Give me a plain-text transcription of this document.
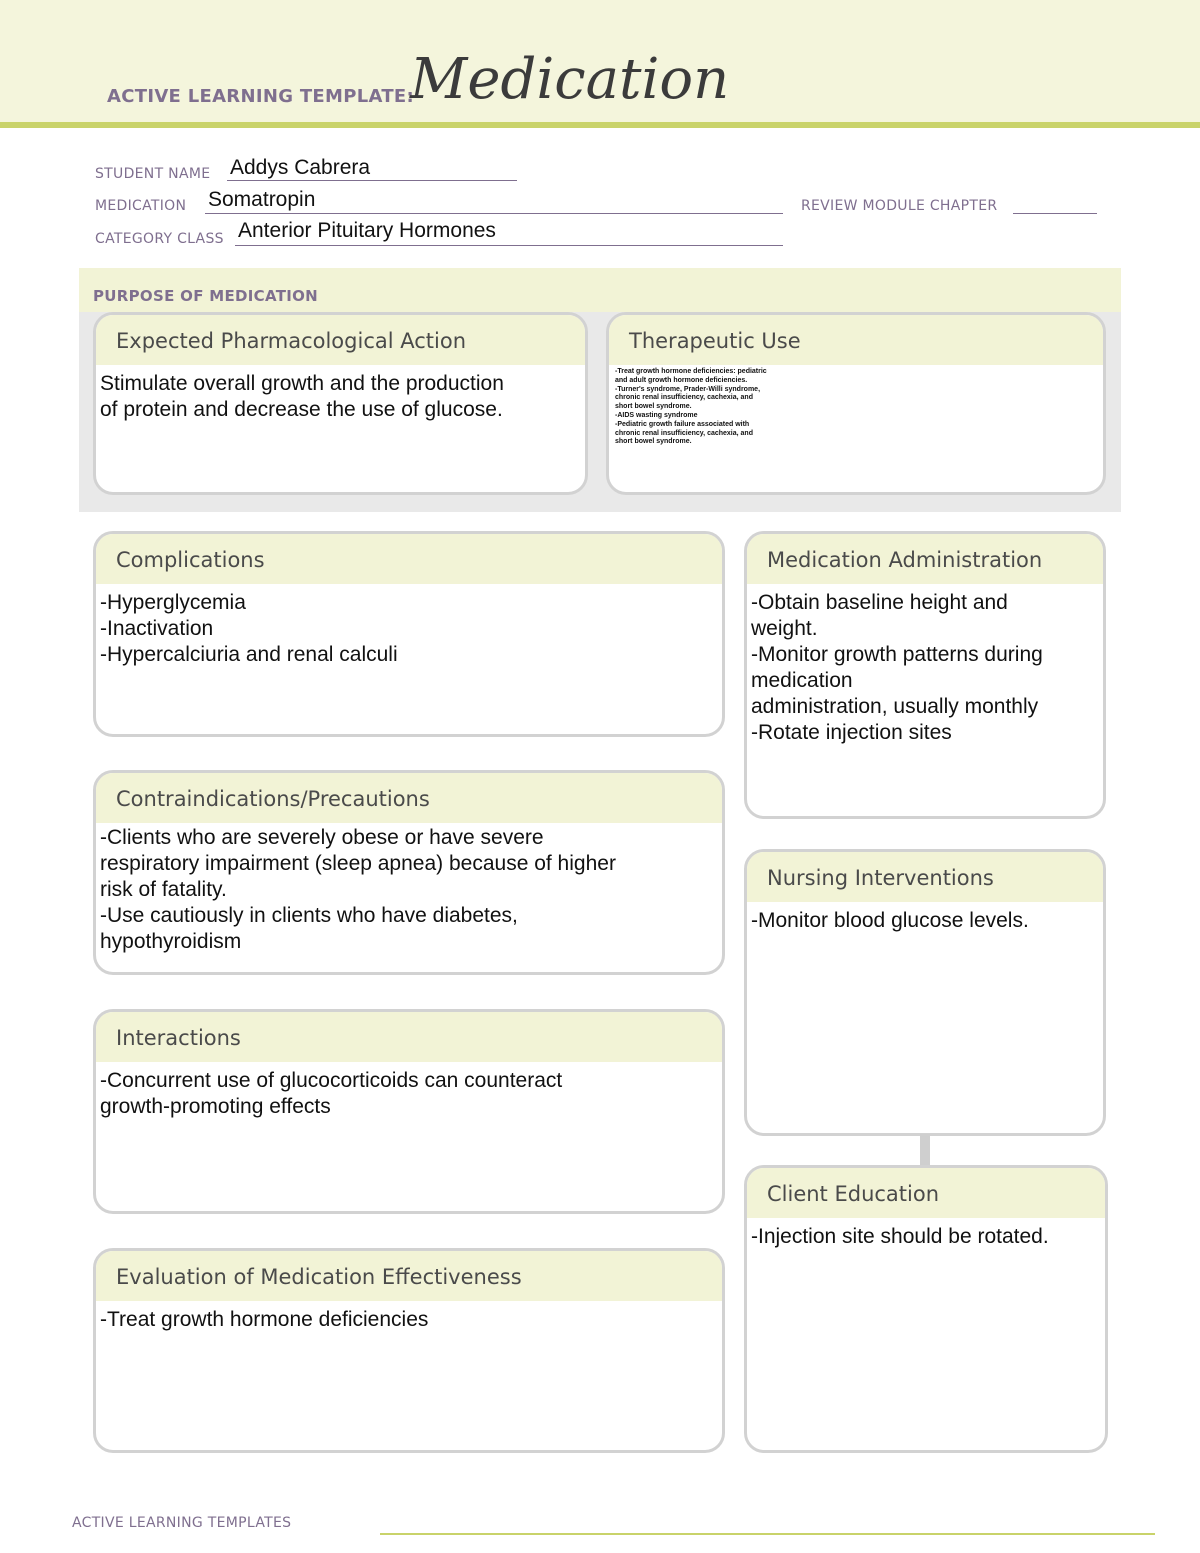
ACTIVE LEARNING TEMPLATE:
Medication
STUDENT NAME Addys Cabrera
MEDICATION Somatropin	REVIEW MODULE CHAPTER
CATEGORY CLASS Anterior Pituitary Hormones
PURPOSE OF MEDICATION
Expected Pharmacological Action
Stimulate overall growth and the production
of protein and decrease the use of glucose.
Therapeutic Use
-Treat growth hormone deficiencies: pediatric
and adult growth hormone deficiencies.
-Turner's syndrome, Prader-Willi syndrome,
chronic renal insufficiency, cachexia, and
short bowel syndrome.
-AIDS wasting syndrome
-Pediatric growth failure associated with
chronic renal insufficiency, cachexia, and
short bowel syndrome.
Complications
-Hyperglycemia
-Inactivation
-Hypercalciuria and renal calculi
Medication Administration
-Obtain baseline height and
weight.
-Monitor growth patterns during
medication
administration, usually monthly
-Rotate injection sites
Contraindications/Precautions
-Clients who are severely obese or have severe
respiratory impairment (sleep apnea) because of higher
risk of fatality.
-Use cautiously in clients who have diabetes,
hypothyroidism
Nursing Interventions
-Monitor blood glucose levels.
Interactions
-Concurrent use of glucocorticoids can counteract
growth-promoting effects
Client Education
-Injection site should be rotated.
Evaluation of Medication Effectiveness
-Treat growth hormone deficiencies
ACTIVE LEARNING TEMPLATES
